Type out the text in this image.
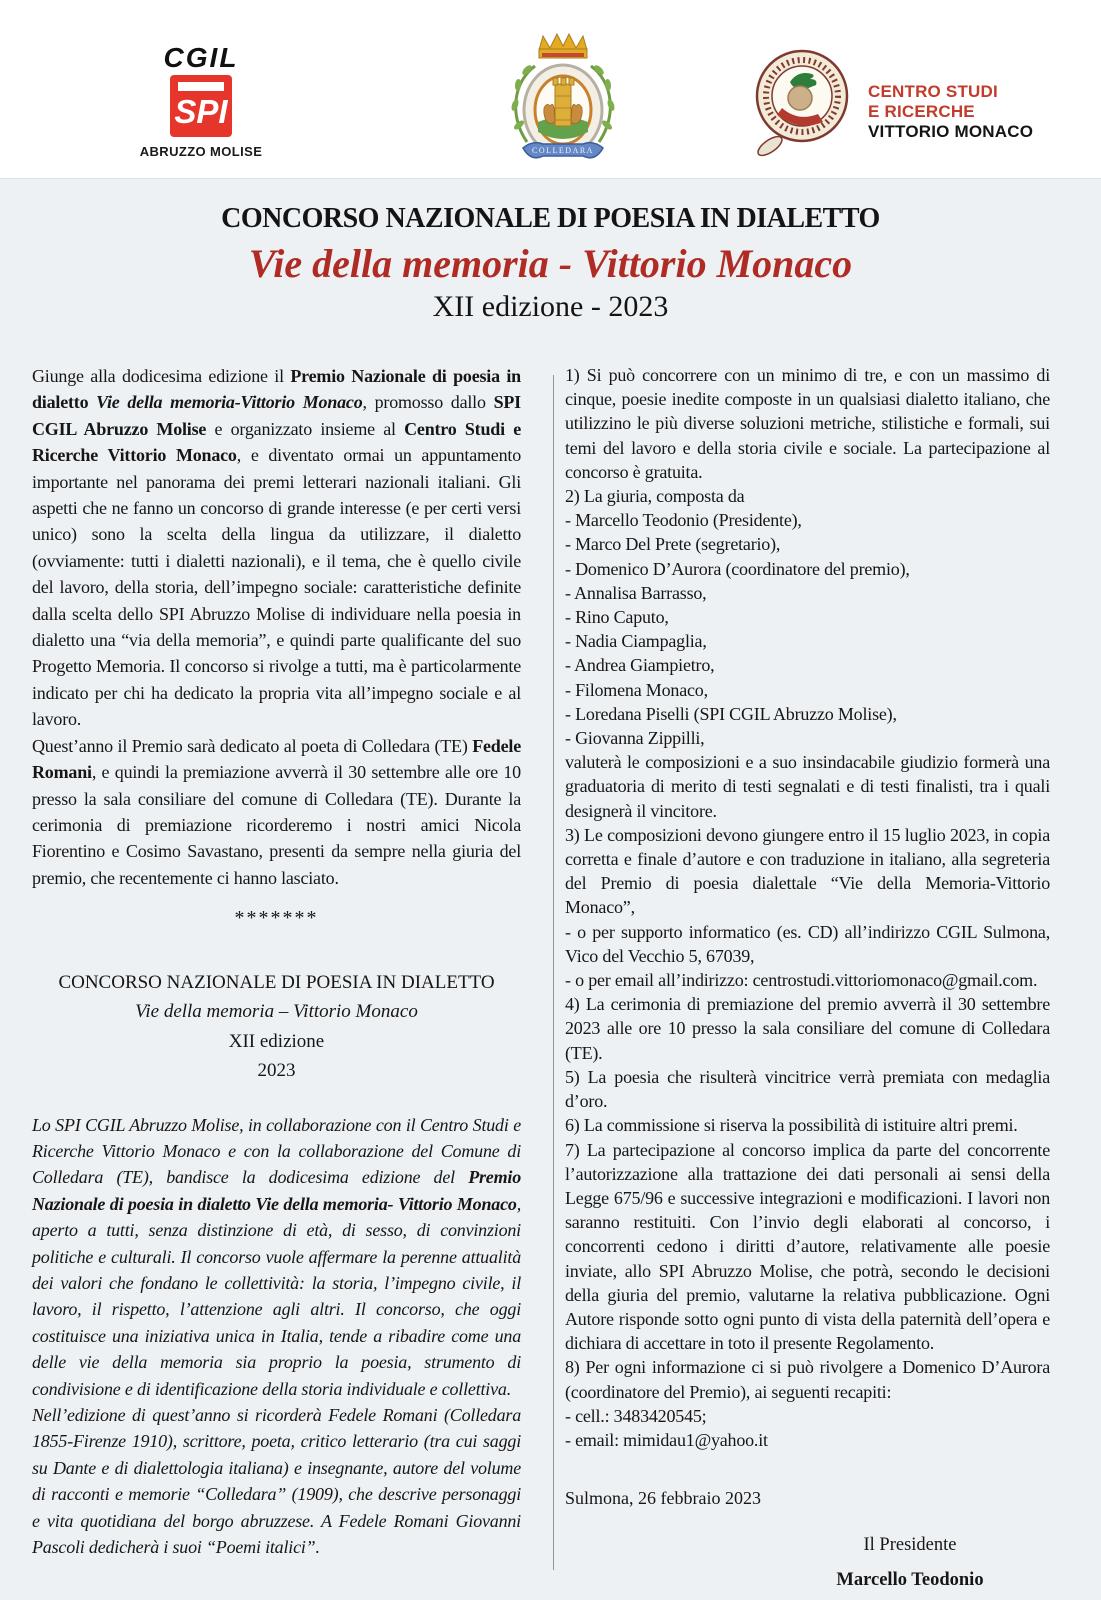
CGIL
SPI
ABRUZZO MOLISE	COLLEDARA
CENTRO STUDI
E RICERCHE
VITTORIO MONACO
CONCORSO NAZIONALE DI POESIA IN DIALETTO
Vie della memoria - Vittorio Monaco
XII edizione - 2023

Giunge alla dodicesima edizione il Premio Nazionale di poesia in dialetto Vie della memoria-Vittorio Monaco, promosso dallo SPI CGIL Abruzzo Molise e organizzato insieme al Centro Studi e Ricerche Vittorio Monaco, e diventato ormai un appuntamento importante nel panorama dei premi letterari nazionali italiani. Gli aspetti che ne fanno un concorso di grande interesse (e per certi versi unico) sono la scelta della lingua da utilizzare, il dialetto (ovviamente: tutti i dialetti nazionali), e il tema, che è quello civile del lavoro, della storia, dell’impegno sociale: caratteristiche definite dalla scelta dello SPI Abruzzo Molise di individuare nella poesia in dialetto una “via della memoria”, e quindi parte qualificante del suo Progetto Memoria. Il concorso si rivolge a tutti, ma è particolarmente indicato per chi ha dedicato la propria vita all’impegno sociale e al lavoro.

Quest’anno il Premio sarà dedicato al poeta di Colledara (TE) Fedele Romani, e quindi la premiazione avverrà il 30 settembre alle ore 10 presso la sala consiliare del comune di Colledara (TE). Durante la cerimonia di premiazione ricorderemo i nostri amici Nicola Fiorentino e Cosimo Savastano, presenti da sempre nella giuria del premio, che recentemente ci hanno lasciato.

*******

CONCORSO NAZIONALE DI POESIA IN DIALETTO
Vie della memoria – Vittorio Monaco
XII edizione
2023

Lo SPI CGIL Abruzzo Molise, in collaborazione con il Centro Studi e Ricerche Vittorio Monaco e con la collaborazione del Comune di Colledara (TE), bandisce la dodicesima edizione del Premio Nazionale di poesia in dialetto Vie della memoria- Vittorio Monaco, aperto a tutti, senza distinzione di età, di sesso, di convinzioni politiche e culturali. Il concorso vuole affermare la perenne attualità dei valori che fondano le collettività: la storia, l’impegno civile, il lavoro, il rispetto, l’attenzione agli altri. Il concorso, che oggi costituisce una iniziativa unica in Italia, tende a ribadire come una delle vie della memoria sia proprio la poesia, strumento di condivisione e di identificazione della storia individuale e collettiva.

Nell’edizione di quest’anno si ricorderà Fedele Romani (Colledara 1855-Firenze 1910), scrittore, poeta, critico letterario (tra cui saggi su Dante e di dialettologia italiana) e insegnante, autore del volume di racconti e memorie “Colledara” (1909), che descrive personaggi e vita quotidiana del borgo abruzzese. A Fedele Romani Giovanni Pascoli dedicherà i suoi “Poemi italici”.

1) Si può concorrere con un minimo di tre, e con un massimo di cinque, poesie inedite composte in un qualsiasi dialetto italiano, che utilizzino le più diverse soluzioni metriche, stilistiche e formali, sui temi del lavoro e della storia civile e sociale. La partecipazione al concorso è gratuita.

2) La giuria, composta da

- Marcello Teodonio (Presidente),

- Marco Del Prete (segretario),

- Domenico D’Aurora (coordinatore del premio),

- Annalisa Barrasso,

- Rino Caputo,

- Nadia Ciampaglia,

- Andrea Giampietro,

- Filomena Monaco,

- Loredana Piselli (SPI CGIL Abruzzo Molise),

- Giovanna Zippilli,

valuterà le composizioni e a suo insindacabile giudizio formerà una graduatoria di merito di testi segnalati e di testi finalisti, tra i quali designerà il vincitore.

3) Le composizioni devono giungere entro il 15 luglio 2023, in copia corretta e finale d’autore e con traduzione in italiano, alla segreteria del Premio di poesia dialettale “Vie della Memoria-Vittorio Monaco”,

- o per supporto informatico (es. CD) all’indirizzo CGIL Sulmona, Vico del Vecchio 5, 67039,

- o per email all’indirizzo: centrostudi.vittoriomonaco@gmail.com.

4) La cerimonia di premiazione del premio avverrà il 30 settembre 2023 alle ore 10 presso la sala consiliare del comune di Colledara (TE).

5) La poesia che risulterà vincitrice verrà premiata con medaglia d’oro.

6) La commissione si riserva la possibilità di istituire altri premi.

7) La partecipazione al concorso implica da parte del concorrente l’autorizzazione alla trattazione dei dati personali ai sensi della Legge 675/96 e successive integrazioni e modificazioni. I lavori non saranno restituiti. Con l’invio degli elaborati al concorso, i concorrenti cedono i diritti d’autore, relativamente alle poesie inviate, allo SPI Abruzzo Molise, che potrà, secondo le decisioni della giuria del premio, valutarne la relativa pubblicazione. Ogni Autore risponde sotto ogni punto di vista della paternità dell’opera e dichiara di accettare in toto il presente Regolamento.

8) Per ogni informazione ci si può rivolgere a Domenico D’Aurora (coordinatore del Premio), ai seguenti recapiti:

- cell.: 3483420545;

- email: mimidau1@yahoo.it

Sulmona, 26 febbraio 2023

Il Presidente
Marcello Teodonio
